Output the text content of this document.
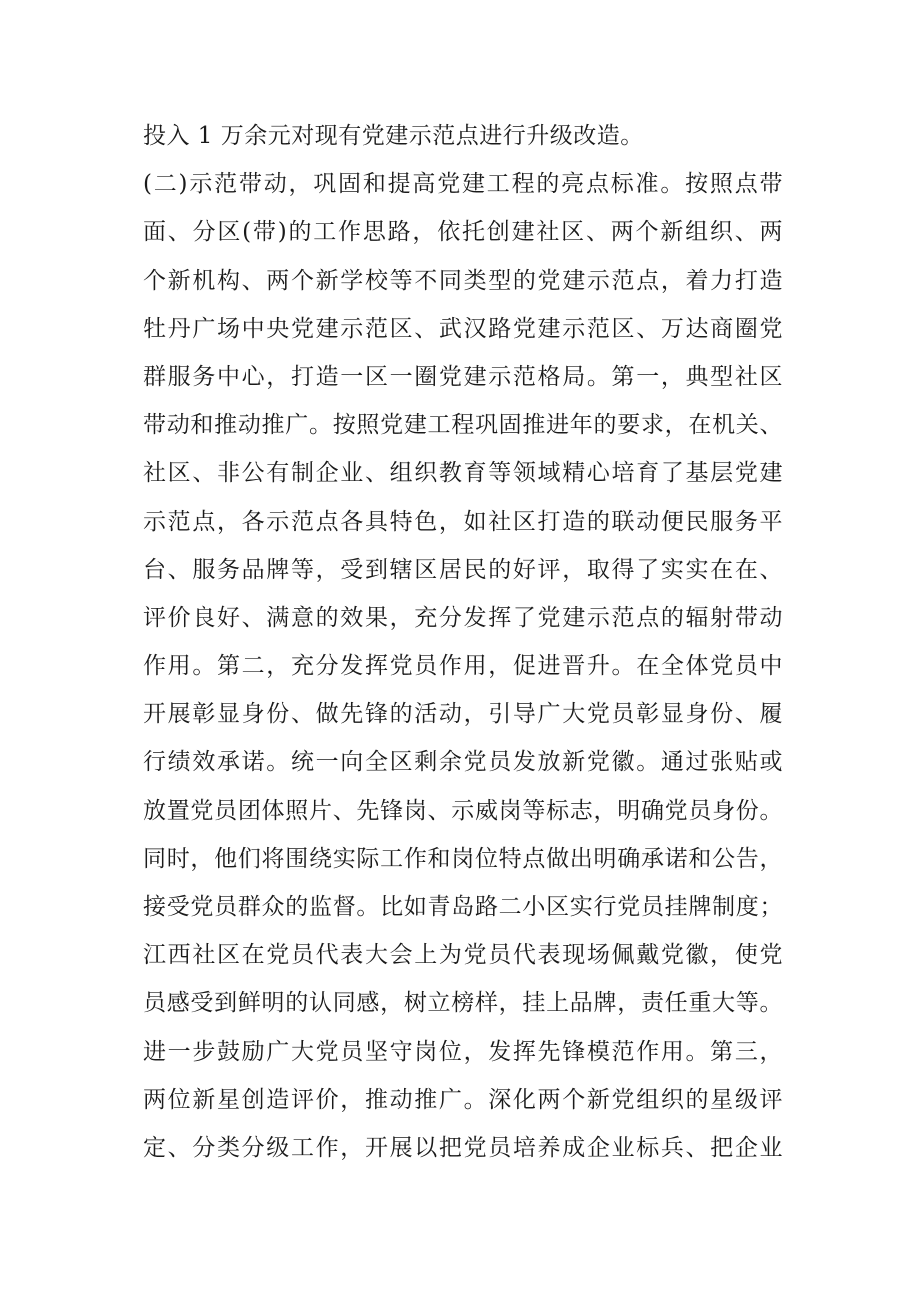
投入 1 万余元对现有党建示范点进行升级改造。
(二)示范带动，巩固和提高党建工程的亮点标准。按照点带
面、分区(带)的工作思路，依托创建社区、两个新组织、两
个新机构、两个新学校等不同类型的党建示范点，着力打造
牡丹广场中央党建示范区、武汉路党建示范区、万达商圈党
群服务中心，打造一区一圈党建示范格局。第一，典型社区
带动和推动推广。按照党建工程巩固推进年的要求，在机关、
社区、非公有制企业、组织教育等领域精心培育了基层党建
示范点，各示范点各具特色，如社区打造的联动便民服务平
台、服务品牌等，受到辖区居民的好评，取得了实实在在、
评价良好、满意的效果，充分发挥了党建示范点的辐射带动
作用。第二，充分发挥党员作用，促进晋升。在全体党员中
开展彰显身份、做先锋的活动，引导广大党员彰显身份、履
行绩效承诺。统一向全区剩余党员发放新党徽。通过张贴或
放置党员团体照片、先锋岗、示威岗等标志，明确党员身份。
同时，他们将围绕实际工作和岗位特点做出明确承诺和公告，
接受党员群众的监督。比如青岛路二小区实行党员挂牌制度；
江西社区在党员代表大会上为党员代表现场佩戴党徽，使党
员感受到鲜明的认同感，树立榜样，挂上品牌，责任重大等。
进一步鼓励广大党员坚守岗位，发挥先锋模范作用。第三，
两位新星创造评价，推动推广。深化两个新党组织的星级评
定、分类分级工作，开展以把党员培养成企业标兵、把企业
